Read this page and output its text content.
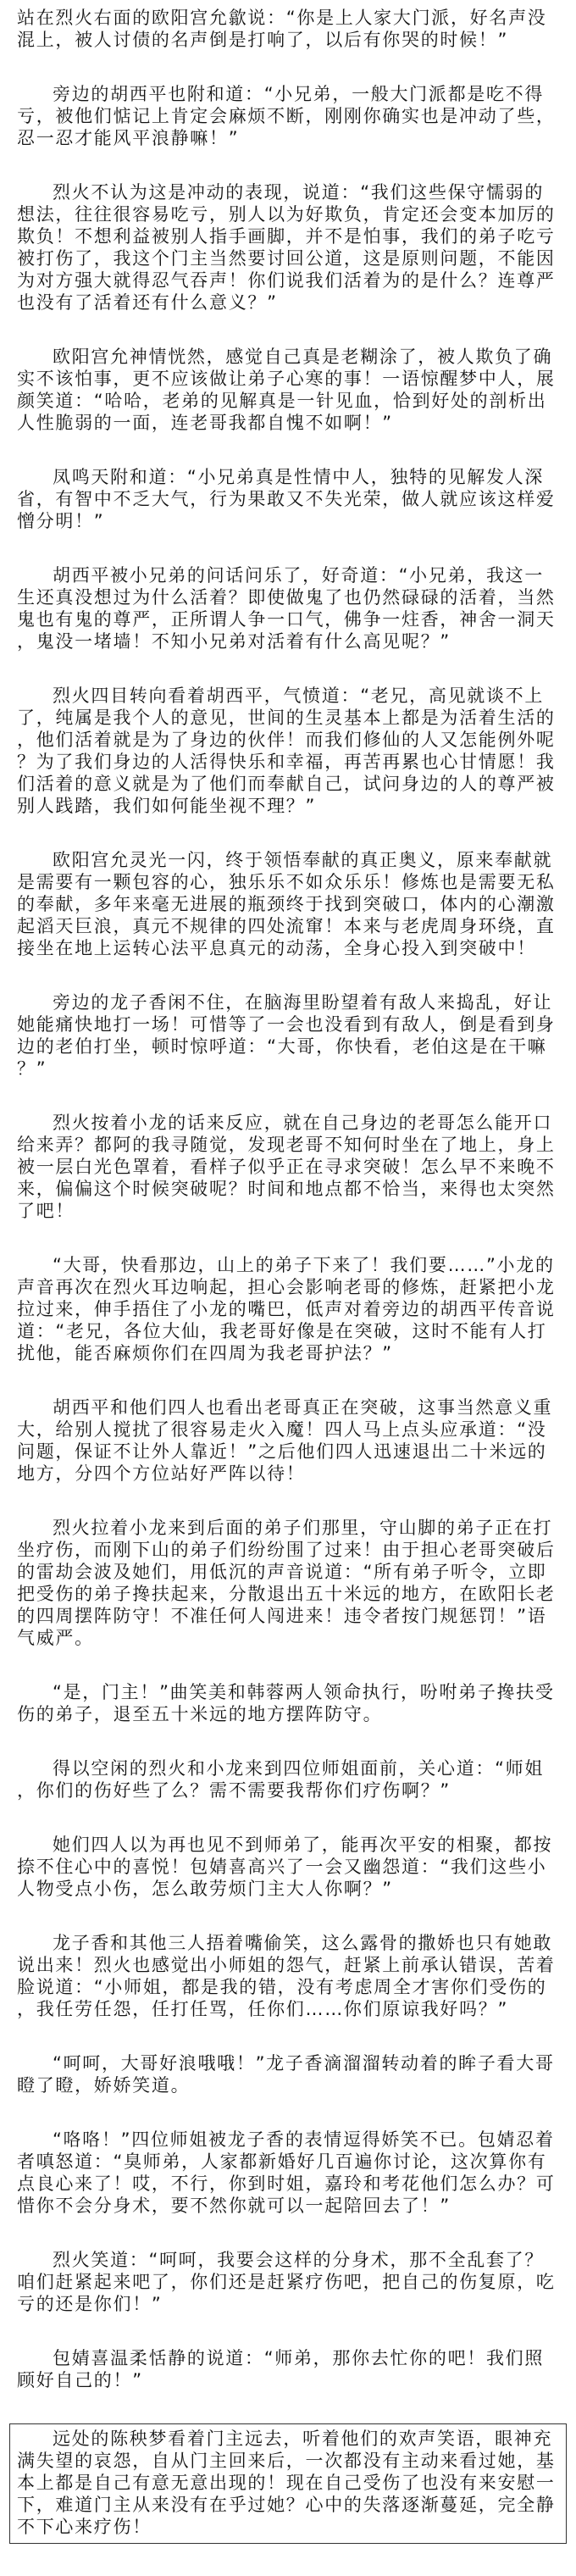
站在烈火右面的欧阳宫允歙说：“你是上人家大门派，好名声没混上，被人讨债的名声倒是打响了，以后有你哭的时候！”

旁边的胡西平也附和道：“小兄弟，一般大门派都是吃不得亏，被他们惦记上肯定会麻烦不断，刚刚你确实也是冲动了些，忍一忍才能风平浪静嘛！”

烈火不认为这是冲动的表现，说道：“我们这些保守懦弱的想法，往往很容易吃亏，别人以为好欺负，肯定还会变本加厉的欺负！不想利益被别人指手画脚，并不是怕事，我们的弟子吃亏被打伤了，我这个门主当然要讨回公道，这是原则问题，不能因为对方强大就得忍气吞声！你们说我们活着为的是什么？连尊严也没有了活着还有什么意义？”

欧阳宫允神情恍然，感觉自己真是老糊涂了，被人欺负了确实不该怕事，更不应该做让弟子心寒的事！一语惊醒梦中人，展颜笑道：“哈哈，老弟的见解真是一针见血，恰到好处的剖析出人性脆弱的一面，连老哥我都自愧不如啊！”

凤鸣天附和道：“小兄弟真是性情中人，独特的见解发人深省，有智中不乏大气，行为果敢又不失光荣，做人就应该这样爱憎分明！”

胡西平被小兄弟的问话问乐了，好奇道：“小兄弟，我这一生还真没想过为什么活着？即使做鬼了也仍然碌碌的活着，当然鬼也有鬼的尊严，正所谓人争一口气，佛争一炷香，神舍一洞天，鬼没一堵墙！不知小兄弟对活着有什么高见呢？”

烈火四目转向看着胡西平，气愤道：“老兄，高见就谈不上了，纯属是我个人的意见，世间的生灵基本上都是为活着生活的，他们活着就是为了身边的伙伴！而我们修仙的人又怎能例外呢？为了我们身边的人活得快乐和幸福，再苦再累也心甘情愿！我们活着的意义就是为了他们而奉献自己，试问身边的人的尊严被别人践踏，我们如何能坐视不理？”

欧阳宫允灵光一闪，终于领悟奉献的真正奥义，原来奉献就是需要有一颗包容的心，独乐乐不如众乐乐！修炼也是需要无私的奉献，多年来毫无进展的瓶颈终于找到突破口，体内的心潮激起滔天巨浪，真元不规律的四处流窜！本来与老虎周身环绕，直接坐在地上运转心法平息真元的动荡，全身心投入到突破中！

旁边的龙子香闲不住，在脑海里盼望着有敌人来捣乱，好让她能痛快地打一场！可惜等了一会也没看到有敌人，倒是看到身边的老伯打坐，顿时惊呼道：“大哥，你快看，老伯这是在干嘛？”

烈火按着小龙的话来反应，就在自己身边的老哥怎么能开口给来弄？都阿的我寻随觉，发现老哥不知何时坐在了地上，身上被一层白光色罩着，看样子似乎正在寻求突破！怎么早不来晚不来，偏偏这个时候突破呢？时间和地点都不恰当，来得也太突然了吧！

“大哥，快看那边，山上的弟子下来了！我们要……”小龙的声音再次在烈火耳边响起，担心会影响老哥的修炼，赶紧把小龙拉过来，伸手捂住了小龙的嘴巴，低声对着旁边的胡西平传音说道：“老兄，各位大仙，我老哥好像是在突破，这时不能有人打扰他，能否麻烦你们在四周为我老哥护法？”

胡西平和他们四人也看出老哥真正在突破，这事当然意义重大，给别人搅扰了很容易走火入魔！四人马上点头应承道：“没问题，保证不让外人靠近！”之后他们四人迅速退出二十米远的地方，分四个方位站好严阵以待！

烈火拉着小龙来到后面的弟子们那里，守山脚的弟子正在打坐疗伤，而刚下山的弟子们纷纷围了过来！由于担心老哥突破后的雷劫会波及她们，用低沉的声音说道：“所有弟子听令，立即把受伤的弟子搀扶起来，分散退出五十米远的地方，在欧阳长老的四周摆阵防守！不准任何人闯进来！违令者按门规惩罚！”语气威严。

“是，门主！”曲笑美和韩蓉两人领命执行，吩咐弟子搀扶受伤的弟子，退至五十米远的地方摆阵防守。

得以空闲的烈火和小龙来到四位师姐面前，关心道：“师姐，你们的伤好些了么？需不需要我帮你们疗伤啊？”

她们四人以为再也见不到师弟了，能再次平安的相聚，都按捺不住心中的喜悦！包婧喜高兴了一会又幽怨道：“我们这些小人物受点小伤，怎么敢劳烦门主大人你啊？”

龙子香和其他三人捂着嘴偷笑，这么露骨的撒娇也只有她敢说出来！烈火也感觉出小师姐的怨气，赶紧上前承认错误，苦着脸说道：“小师姐，都是我的错，没有考虑周全才害你们受伤的，我任劳任怨，任打任骂，任你们……你们原谅我好吗？”

“呵呵，大哥好浪哦哦！”龙子香滴溜溜转动着的眸子看大哥瞪了瞪，娇娇笑道。

“咯咯！”四位师姐被龙子香的表情逗得娇笑不已。包婧忍着者嗔怒道：“臭师弟，人家都新婚好几百遍你讨论，这次算你有点良心来了！哎，不行，你到时姐，嘉玲和考花他们怎么办？可惜你不会分身术，要不然你就可以一起陪回去了！”

烈火笑道：“呵呵，我要会这样的分身术，那不全乱套了？咱们赶紧起来吧了，你们还是赶紧疗伤吧，把自己的伤复原，吃亏的还是你们！”

包婧喜温柔恬静的说道：“师弟，那你去忙你的吧！我们照顾好自己的！”

远处的陈秧梦看着门主远去，听着他们的欢声笑语，眼神充满失望的哀怨，自从门主回来后，一次都没有主动来看过她，基本上都是自己有意无意出现的！现在自己受伤了也没有来安慰一下，难道门主从来没有在乎过她？心中的失落逐渐蔓延，完全静不下心来疗伤！
